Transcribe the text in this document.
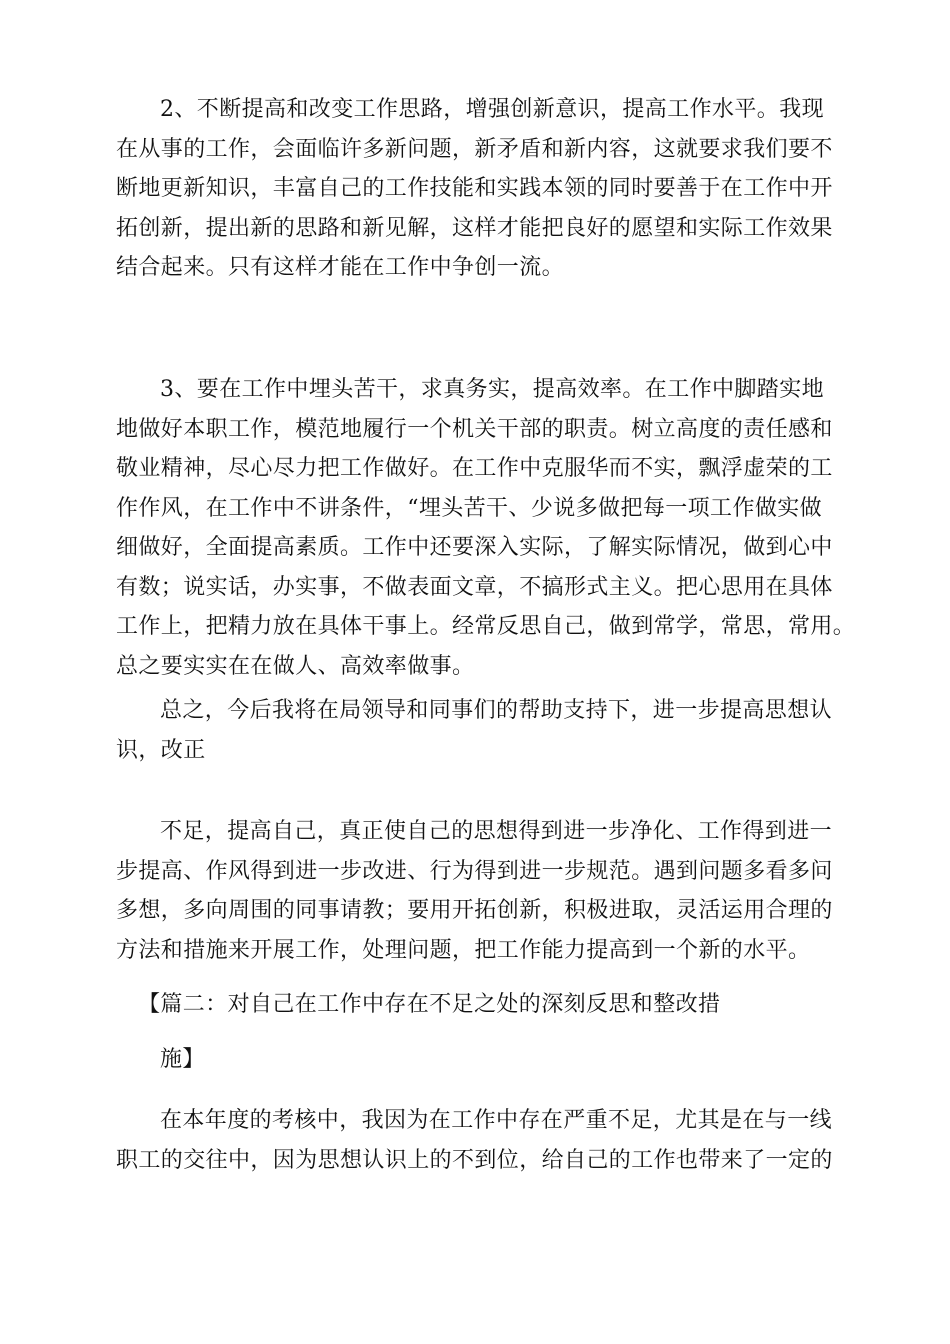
2、不断提高和改变工作思路，增强创新意识，提高工作水平。我现
在从事的工作，会面临许多新问题，新矛盾和新内容，这就要求我们要不
断地更新知识，丰富自己的工作技能和实践本领的同时要善于在工作中开
拓创新，提出新的思路和新见解，这样才能把良好的愿望和实际工作效果
结合起来。只有这样才能在工作中争创一流。
3、要在工作中埋头苦干，求真务实，提高效率。在工作中脚踏实地
地做好本职工作，模范地履行一个机关干部的职责。树立高度的责任感和
敬业精神，尽心尽力把工作做好。在工作中克服华而不实，飘浮虚荣的工
作作风，在工作中不讲条件，“埋头苦干、少说多做把每一项工作做实做
细做好，全面提高素质。工作中还要深入实际，了解实际情况，做到心中
有数；说实话，办实事，不做表面文章，不搞形式主义。把心思用在具体
工作上，把精力放在具体干事上。经常反思自己，做到常学，常思，常用。
总之要实实在在做人、高效率做事。
总之，今后我将在局领导和同事们的帮助支持下，进一步提高思想认
识，改正
不足，提高自己，真正使自己的思想得到进一步净化、工作得到进一
步提高、作风得到进一步改进、行为得到进一步规范。遇到问题多看多问
多想，多向周围的同事请教；要用开拓创新，积极进取，灵活运用合理的
方法和措施来开展工作，处理问题，把工作能力提高到一个新的水平。
【篇二：对自己在工作中存在不足之处的深刻反思和整改措
施】
在本年度的考核中，我因为在工作中存在严重不足，尤其是在与一线
职工的交往中，因为思想认识上的不到位，给自己的工作也带来了一定的
